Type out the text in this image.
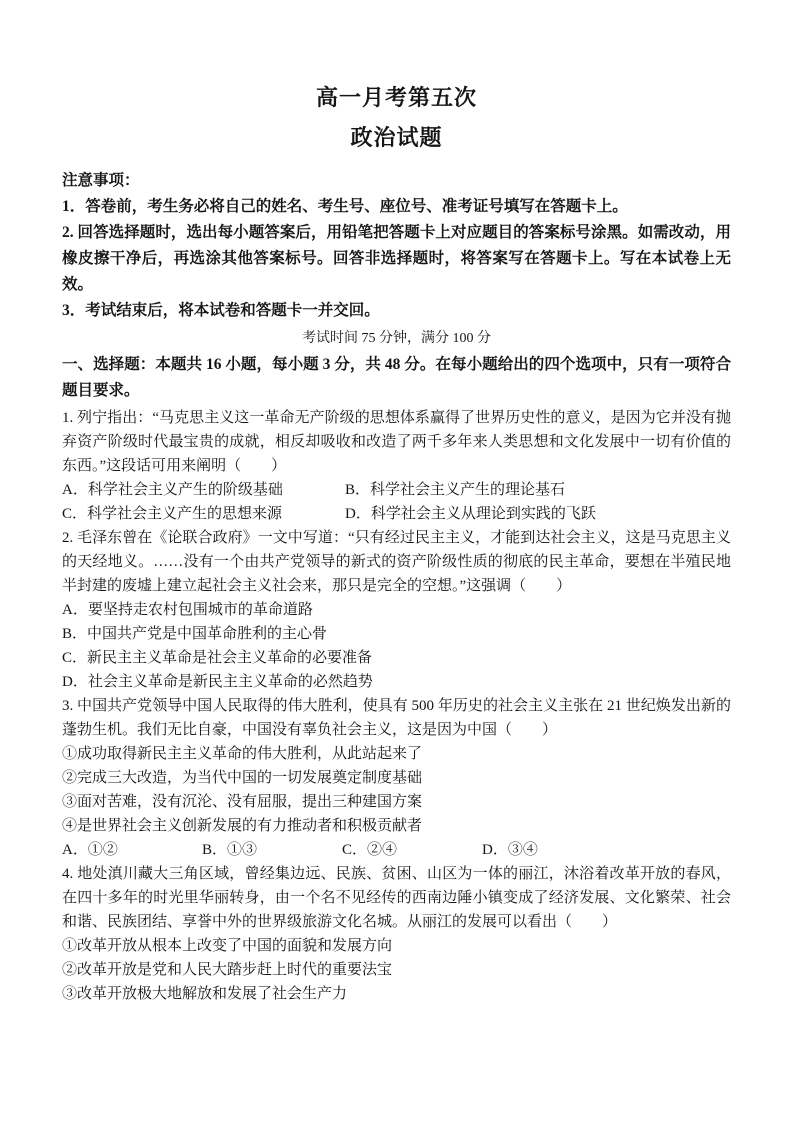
高一月考第五次
政治试题

注意事项：

1．答卷前，考生务必将自己的姓名、考生号、座位号、准考证号填写在答题卡上。

2. 回答选择题时，选出每小题答案后，用铅笔把答题卡上对应题目的答案标号涂黑。如需改动，用橡皮擦干净后，再选涂其他答案标号。回答非选择题时，将答案写在答题卡上。写在本试卷上无效。

3．考试结束后，将本试卷和答题卡一并交回。

考试时间 75 分钟，满分 100 分

一、选择题：本题共 16 小题，每小题 3 分，共 48 分。在每小题给出的四个选项中，只有一项符合题目要求。

1. 列宁指出：“马克思主义这一革命无产阶级的思想体系赢得了世界历史性的意义，是因为它并没有抛弃资产阶级时代最宝贵的成就，相反却吸收和改造了两千多年来人类思想和文化发展中一切有价值的东西。”这段话可用来阐明（　　）

A．科学社会主义产生的阶级基础	B．科学社会主义产生的理论基石
C．科学社会主义产生的思想来源	D．科学社会主义从理论到实践的飞跃

2. 毛泽东曾在《论联合政府》一文中写道：“只有经过民主主义，才能到达社会主义，这是马克思主义的天经地义。……没有一个由共产党领导的新式的资产阶级性质的彻底的民主革命，要想在半殖民地半封建的废墟上建立起社会主义社会来，那只是完全的空想。”这强调（　　）

A．要坚持走农村包围城市的革命道路

B．中国共产党是中国革命胜利的主心骨

C．新民主主义革命是社会主义革命的必要准备

D．社会主义革命是新民主主义革命的必然趋势

3. 中国共产党领导中国人民取得的伟大胜利，使具有 500 年历史的社会主义主张在 21 世纪焕发出新的蓬勃生机。我们无比自豪，中国没有辜负社会主义，这是因为中国（　　）

①成功取得新民主主义革命的伟大胜利，从此站起来了

②完成三大改造，为当代中国的一切发展奠定制度基础

③面对苦难，没有沉沦、没有屈服，提出三种建国方案

④是世界社会主义创新发展的有力推动者和积极贡献者

A．①②	B．①③	C．②④	D．③④

4. 地处滇川藏大三角区域，曾经集边远、民族、贫困、山区为一体的丽江，沐浴着改革开放的春风，在四十多年的时光里华丽转身，由一个名不见经传的西南边陲小镇变成了经济发展、文化繁荣、社会和谐、民族团结、享誉中外的世界级旅游文化名城。从丽江的发展可以看出（　　）

①改革开放从根本上改变了中国的面貌和发展方向

②改革开放是党和人民大踏步赶上时代的重要法宝

③改革开放极大地解放和发展了社会生产力
